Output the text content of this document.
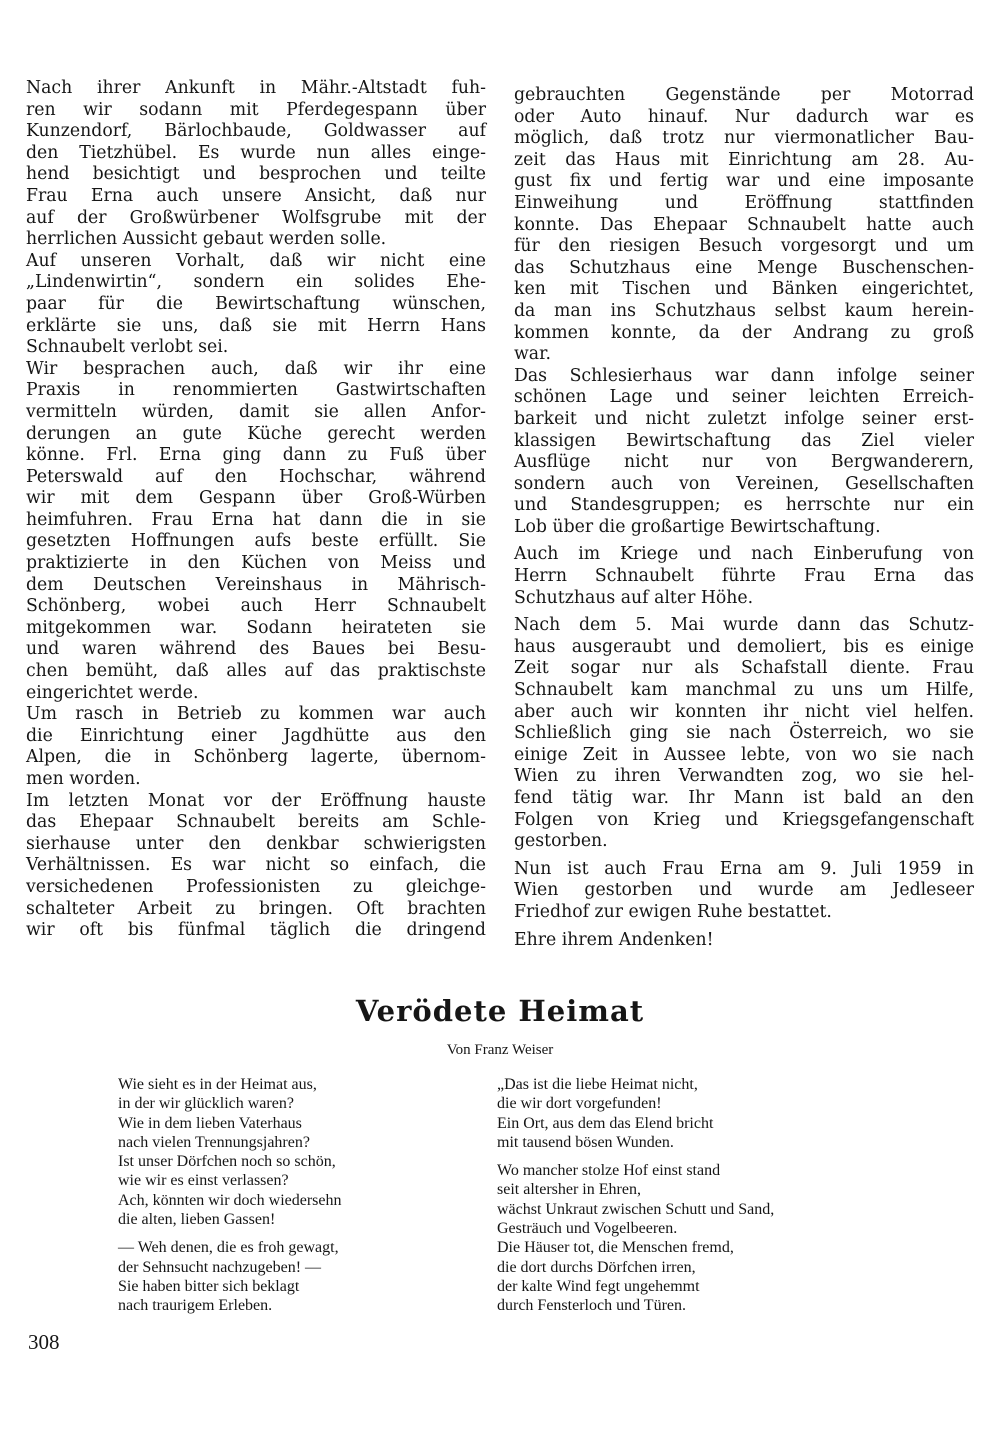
Nach ihrer Ankunft in Mähr.-Altstadt fuh-
ren wir sodann mit Pferdegespann über
Kunzendorf, Bärlochbaude, Goldwasser auf
den Tietzhübel. Es wurde nun alles einge-
hend besichtigt und besprochen und teilte
Frau Erna auch unsere Ansicht, daß nur
auf der Großwürbener Wolfsgrube mit der
herrlichen Aussicht gebaut werden solle.
Auf unseren Vorhalt, daß wir nicht eine
„Lindenwirtin“, sondern ein solides Ehe-
paar für die Bewirtschaftung wünschen,
erklärte sie uns, daß sie mit Herrn Hans
Schnaubelt verlobt sei.
Wir besprachen auch, daß wir ihr eine
Praxis in renommierten Gastwirtschaften
vermitteln würden, damit sie allen Anfor-
derungen an gute Küche gerecht werden
könne. Frl. Erna ging dann zu Fuß über
Peterswald auf den Hochschar, während
wir mit dem Gespann über Groß-Würben
heimfuhren. Frau Erna hat dann die in sie
gesetzten Hoffnungen aufs beste erfüllt. Sie
praktizierte in den Küchen von Meiss und
dem Deutschen Vereinshaus in Mährisch-
Schönberg, wobei auch Herr Schnaubelt
mitgekommen war. Sodann heirateten sie
und waren während des Baues bei Besu-
chen bemüht, daß alles auf das praktischste
eingerichtet werde.
Um rasch in Betrieb zu kommen war auch
die Einrichtung einer Jagdhütte aus den
Alpen, die in Schönberg lagerte, übernom-
men worden.
Im letzten Monat vor der Eröffnung hauste
das Ehepaar Schnaubelt bereits am Schle-
sierhause unter den denkbar schwierigsten
Verhältnissen. Es war nicht so einfach, die
versichedenen Professionisten zu gleichge-
schalteter Arbeit zu bringen. Oft brachten
wir oft bis fünfmal täglich die dringend
gebrauchten Gegenstände per Motorrad
oder Auto hinauf. Nur dadurch war es
möglich, daß trotz nur viermonatlicher Bau-
zeit das Haus mit Einrichtung am 28. Au-
gust fix und fertig war und eine imposante
Einweihung und Eröffnung stattfinden
konnte. Das Ehepaar Schnaubelt hatte auch
für den riesigen Besuch vorgesorgt und um
das Schutzhaus eine Menge Buschenschen-
ken mit Tischen und Bänken eingerichtet,
da man ins Schutzhaus selbst kaum herein-
kommen konnte, da der Andrang zu groß
war.
Das Schlesierhaus war dann infolge seiner
schönen Lage und seiner leichten Erreich-
barkeit und nicht zuletzt infolge seiner erst-
klassigen Bewirtschaftung das Ziel vieler
Ausflüge nicht nur von Bergwanderern,
sondern auch von Vereinen, Gesellschaften
und Standesgruppen; es herrschte nur ein
Lob über die großartige Bewirtschaftung.
Auch im Kriege und nach Einberufung von
Herrn Schnaubelt führte Frau Erna das
Schutzhaus auf alter Höhe.
Nach dem 5. Mai wurde dann das Schutz-
haus ausgeraubt und demoliert, bis es einige
Zeit sogar nur als Schafstall diente. Frau
Schnaubelt kam manchmal zu uns um Hilfe,
aber auch wir konnten ihr nicht viel helfen.
Schließlich ging sie nach Österreich, wo sie
einige Zeit in Aussee lebte, von wo sie nach
Wien zu ihren Verwandten zog, wo sie hel-
fend tätig war. Ihr Mann ist bald an den
Folgen von Krieg und Kriegsgefangenschaft
gestorben.
Nun ist auch Frau Erna am 9. Juli 1959 in
Wien gestorben und wurde am Jedleseer
Friedhof zur ewigen Ruhe bestattet.
Ehre ihrem Andenken!
Verödete Heimat
Von Franz Weiser
Wie sieht es in der Heimat aus,
in der wir glücklich waren?
Wie in dem lieben Vaterhaus
nach vielen Trennungsjahren?
Ist unser Dörfchen noch so schön,
wie wir es einst verlassen?
Ach, könnten wir doch wiedersehn
die alten, lieben Gassen!
— Weh denen, die es froh gewagt,
der Sehnsucht nachzugeben! —
Sie haben bitter sich beklagt
nach traurigem Erleben.
„Das ist die liebe Heimat nicht,
die wir dort vorgefunden!
Ein Ort, aus dem das Elend bricht
mit tausend bösen Wunden.
Wo mancher stolze Hof einst stand
seit altersher in Ehren,
wächst Unkraut zwischen Schutt und Sand,
Gesträuch und Vogelbeeren.
Die Häuser tot, die Menschen fremd,
die dort durchs Dörfchen irren,
der kalte Wind fegt ungehemmt
durch Fensterloch und Türen.
308
